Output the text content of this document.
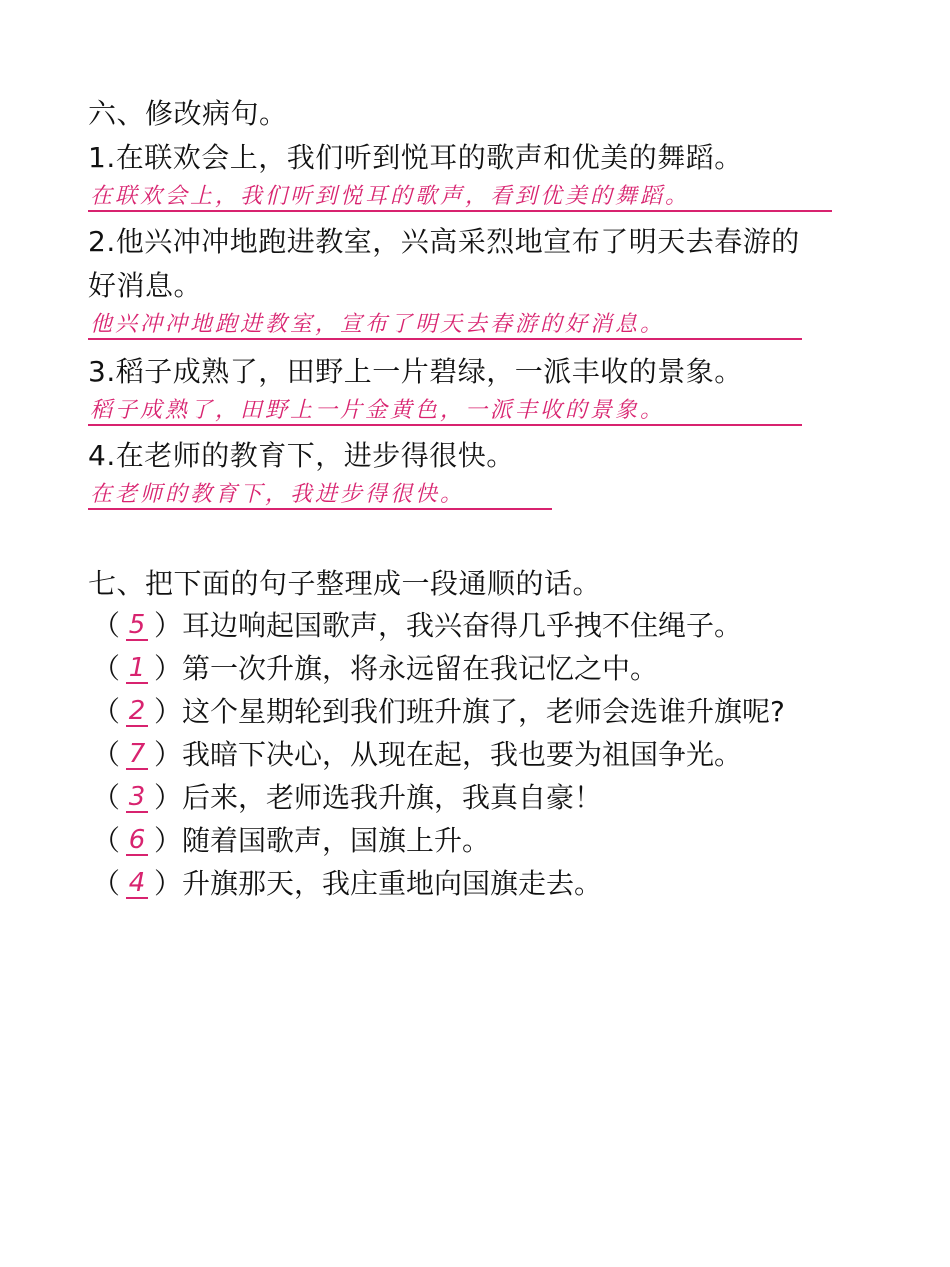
六、修改病句。
1.在联欢会上，我们听到悦耳的歌声和优美的舞蹈。
在联欢会上，我们听到悦耳的歌声，看到优美的舞蹈。
2.他兴冲冲地跑进教室，兴高采烈地宣布了明天去春游的
好消息。
他兴冲冲地跑进教室，宣布了明天去春游的好消息。
3.稻子成熟了，田野上一片碧绿，一派丰收的景象。
稻子成熟了，田野上一片金黄色，一派丰收的景象。
4.在老师的教育下，进步得很快。
在老师的教育下，我进步得很快。
七、把下面的句子整理成一段通顺的话。
（ 5 ） 耳边响起国歌声，我兴奋得几乎拽不住绳子。
（ 1 ） 第一次升旗，将永远留在我记忆之中。
（ 2 ） 这个星期轮到我们班升旗了，老师会选谁升旗呢?
（ 7 ） 我暗下决心，从现在起，我也要为祖国争光。
（ 3 ） 后来，老师选我升旗，我真自豪！
（ 6 ） 随着国歌声，国旗上升。
（ 4 ） 升旗那天，我庄重地向国旗走去。
